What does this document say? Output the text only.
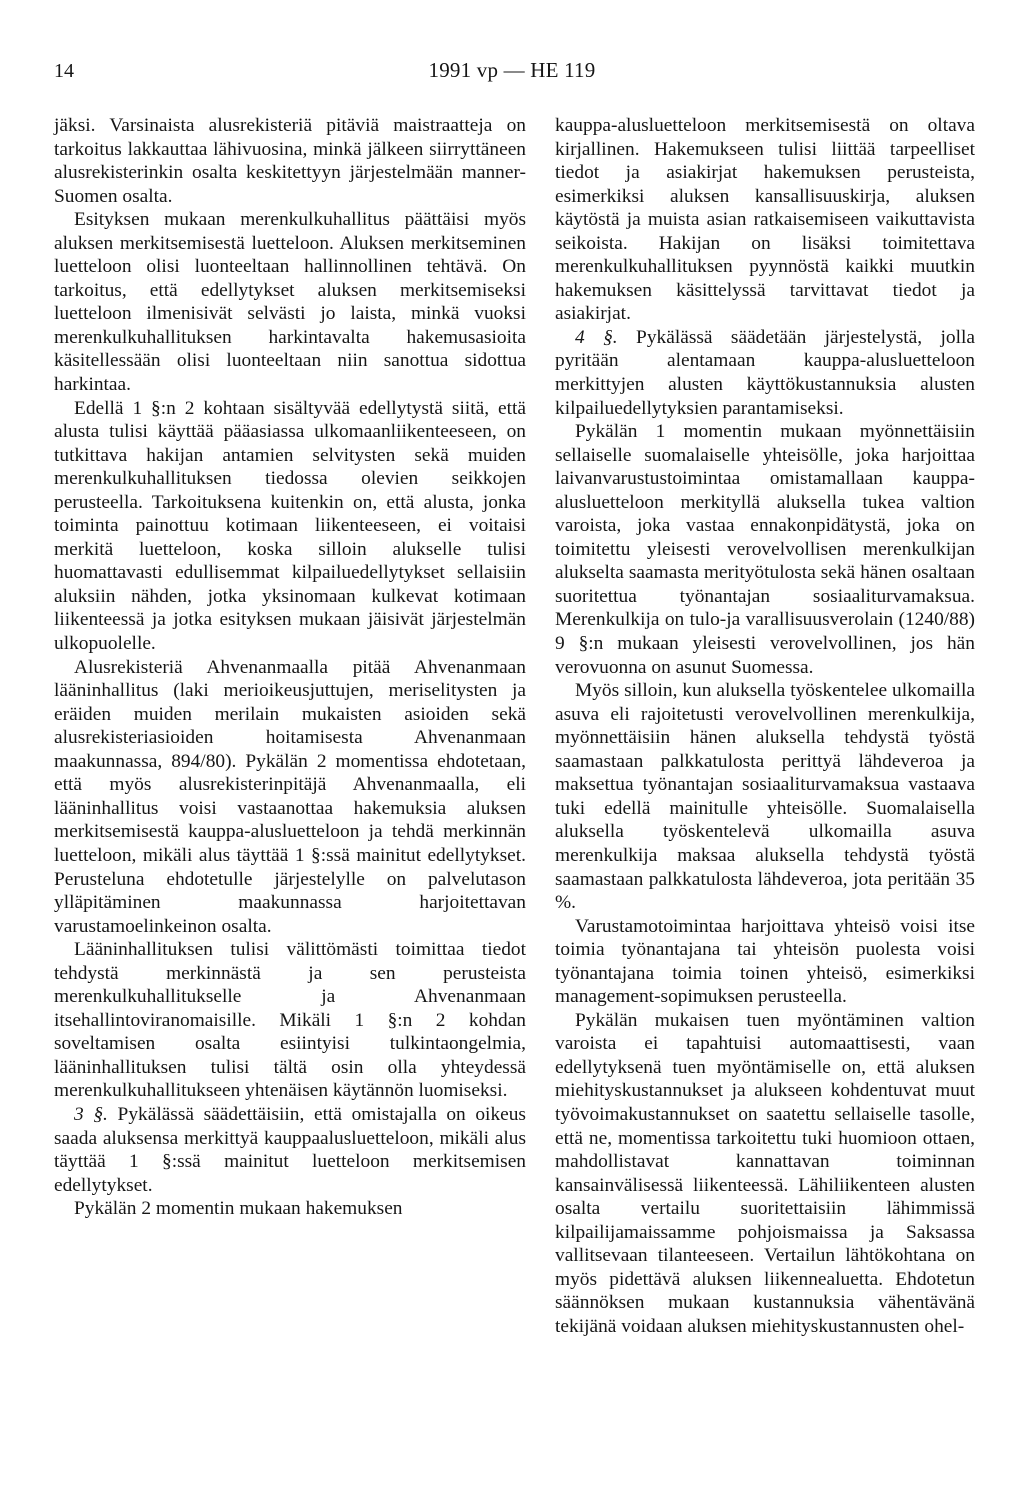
14	1991 vp — HE 119

jäksi. Varsinaista alusrekisteriä pitäviä maistraatteja on tarkoitus lakkauttaa lähivuosina, minkä jälkeen siirryttäneen alusrekisterinkin osalta keskitettyyn järjestelmään manner-Suomen osalta.

Esityksen mukaan merenkulkuhallitus päättäisi myös aluksen merkitsemisestä luetteloon. Aluksen merkitseminen luetteloon olisi luonteeltaan hallinnollinen tehtävä. On tarkoitus, että edellytykset aluksen merkitsemiseksi luetteloon ilmenisivät selvästi jo laista, minkä vuoksi merenkulkuhallituksen harkintavalta hakemusasioita käsitellessään olisi luonteeltaan niin sanottua sidottua harkintaa.

Edellä 1 §:n 2 kohtaan sisältyvää edellytystä siitä, että alusta tulisi käyttää pääasiassa ulkomaanliikenteeseen, on tutkittava hakijan antamien selvitysten sekä muiden merenkulkuhallituksen tiedossa olevien seikkojen perusteella. Tarkoituksena kuitenkin on, että alusta, jonka toiminta painottuu kotimaan liikenteeseen, ei voitaisi merkitä luetteloon, koska silloin alukselle tulisi huomattavasti edullisemmat kilpailuedellytykset sellaisiin aluksiin nähden, jotka yksinomaan kulkevat kotimaan liikenteessä ja jotka esityksen mukaan jäisivät järjestelmän ulkopuolelle.

Alusrekisteriä Ahvenanmaalla pitää Ahvenanmaan lääninhallitus (laki merioikeusjuttujen, meriselitysten ja eräiden muiden merilain mukaisten asioiden sekä alusrekisteriasioiden hoitamisesta Ahvenanmaan maakunnassa, 894/80). Pykälän 2 momentissa ehdotetaan, että myös alusrekisterinpitäjä Ahvenanmaalla, eli lääninhallitus voisi vastaanottaa hakemuksia aluksen merkitsemisestä kauppa-alusluetteloon ja tehdä merkinnän luetteloon, mikäli alus täyttää 1 §:ssä mainitut edellytykset. Perusteluna ehdotetulle järjestelylle on palvelutason ylläpitäminen maakunnassa harjoitettavan varustamoelinkeinon osalta.

Lääninhallituksen tulisi välittömästi toimittaa tiedot tehdystä merkinnästä ja sen perusteista merenkulkuhallitukselle ja Ahvenanmaan itsehallintoviranomaisille. Mikäli 1 §:n 2 kohdan soveltamisen osalta esiintyisi tulkintaongelmia, lääninhallituksen tulisi tältä osin olla yhteydessä merenkulkuhallitukseen yhtenäisen käytännön luomiseksi.

3 §. Pykälässä säädettäisiin, että omistajalla on oikeus saada aluksensa merkittyä kauppaalusluetteloon, mikäli alus täyttää 1 §:ssä mainitut luetteloon merkitsemisen edellytykset.

Pykälän 2 momentin mukaan hakemuksen

kauppa-alusluetteloon merkitsemisestä on oltava kirjallinen. Hakemukseen tulisi liittää tarpeelliset tiedot ja asiakirjat hakemuksen perusteista, esimerkiksi aluksen kansallisuuskirja, aluksen käytöstä ja muista asian ratkaisemiseen vaikuttavista seikoista. Hakijan on lisäksi toimitettava merenkulkuhallituksen pyynnöstä kaikki muutkin hakemuksen käsittelyssä tarvittavat tiedot ja asiakirjat.

4 §. Pykälässä säädetään järjestelystä, jolla pyritään alentamaan kauppa-alusluetteloon merkittyjen alusten käyttökustannuksia alusten kilpailuedellytyksien parantamiseksi.

Pykälän 1 momentin mukaan myönnettäisiin sellaiselle suomalaiselle yhteisölle, joka harjoittaa laivanvarustustoimintaa omistamallaan kauppa-alusluetteloon merkityllä aluksella tukea valtion varoista, joka vastaa ennakonpidätystä, joka on toimitettu yleisesti verovelvollisen merenkulkijan alukselta saamasta merityötulosta sekä hänen osaltaan suoritettua työnantajan sosiaaliturvamaksua. Merenkulkija on tulo-ja varallisuusverolain (1240/88) 9 §:n mukaan yleisesti verovelvollinen, jos hän verovuonna on asunut Suomessa.

Myös silloin, kun aluksella työskentelee ulkomailla asuva eli rajoitetusti verovelvollinen merenkulkija, myönnettäisiin hänen aluksella tehdystä työstä saamastaan palkkatulosta perittyä lähdeveroa ja maksettua työnantajan sosiaaliturvamaksua vastaava tuki edellä mainitulle yhteisölle. Suomalaisella aluksella työskentelevä ulkomailla asuva merenkulkija maksaa aluksella tehdystä työstä saamastaan palkkatulosta lähdeveroa, jota peritään 35 %.

Varustamotoimintaa harjoittava yhteisö voisi itse toimia työnantajana tai yhteisön puolesta voisi työnantajana toimia toinen yhteisö, esimerkiksi management-sopimuksen perusteella.

Pykälän mukaisen tuen myöntäminen valtion varoista ei tapahtuisi automaattisesti, vaan edellytyksenä tuen myöntämiselle on, että aluksen miehityskustannukset ja alukseen kohdentuvat muut työvoimakustannukset on saatettu sellaiselle tasolle, että ne, momentissa tarkoitettu tuki huomioon ottaen, mahdollistavat kannattavan toiminnan kansainvälisessä liikenteessä. Lähiliikenteen alusten osalta vertailu suoritettaisiin lähimmissä kilpailijamaissamme pohjoismaissa ja Saksassa vallitsevaan tilanteeseen. Vertailun lähtökohtana on myös pidettävä aluksen liikennealuetta. Ehdotetun säännöksen mukaan kustannuksia vähentävänä tekijänä voidaan aluksen miehityskustannusten ohel-
